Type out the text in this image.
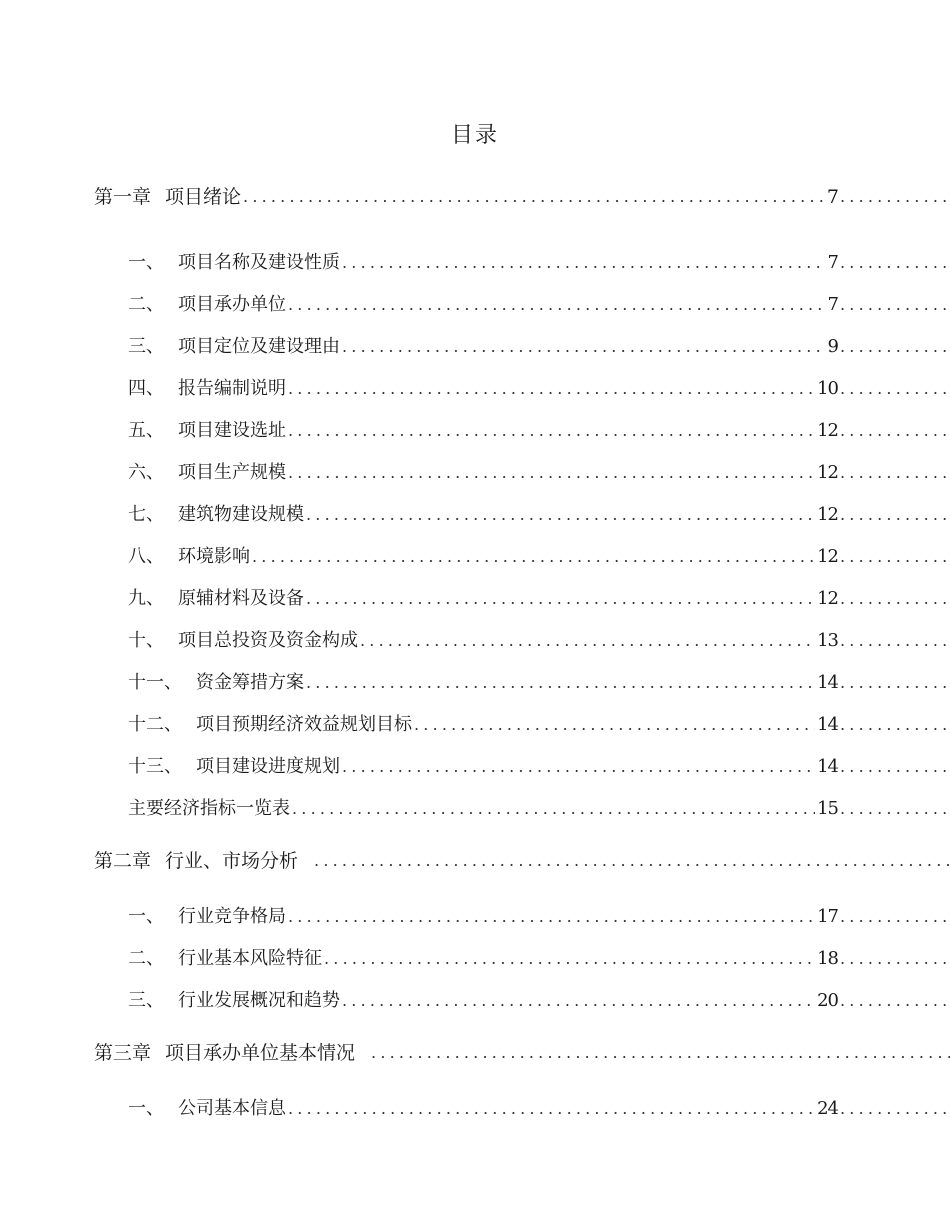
目录
第一章 项目绪论 .....	7
.....
一、 项目名称及建设性质 .....	7
.....
二、 项目承办单位 .....	7
.....
三、 项目定位及建设理由 .....	9
.....
四、 报告编制说明 .....	10
.....
五、 项目建设选址 .....	12
.....
六、 项目生产规模 .....	12
.....
七、 建筑物建设规模 .....	12
.....
八、 环境影响 .....	12
.....
九、 原辅材料及设备 .....	12
.....
十、 项目总投资及资金构成 .....	13
.....
十一、 资金筹措方案 .....	14
.....
十二、 项目预期经济效益规划目标 .....	14
.....
十三、 项目建设进度规划 .....	14
.....
主要经济指标一览表 .....	15
.....
第二章 行业、市场分析
.....
一、 行业竞争格局 .....	17
.....
二、 行业基本风险特征 .....	18
.....
三、 行业发展概况和趋势 .....	20
.....
第三章 项目承办单位基本情况
.....
一、 公司基本信息 .....	24
.....
